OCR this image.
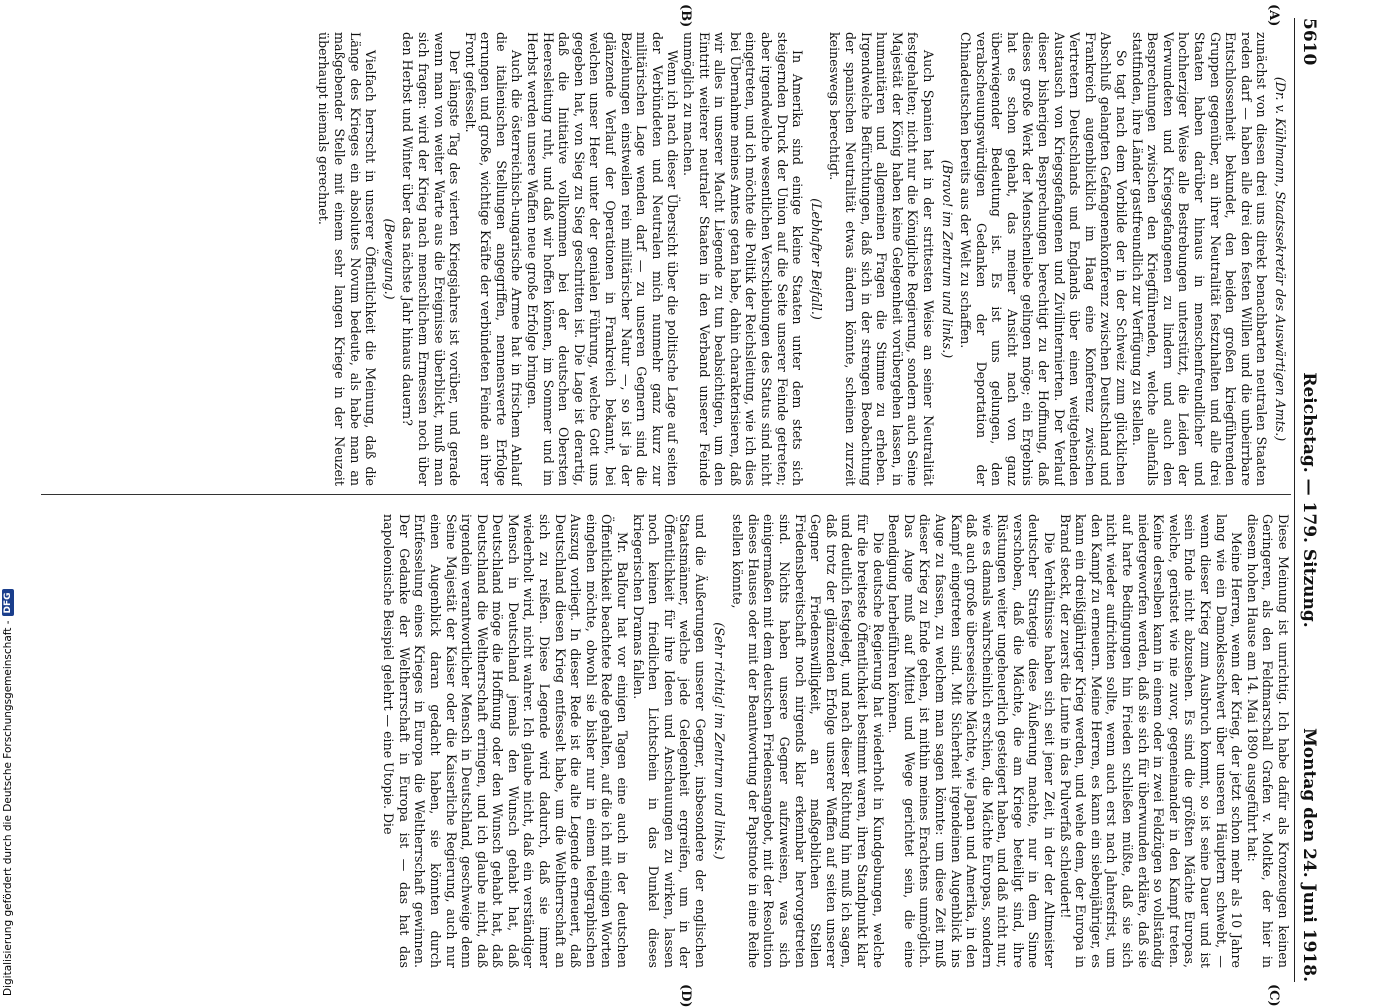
5610
Reichstag. — 179. Sitzung.
Montag den 24. Juni 1918.
(A)
(B)
(C)
(D)

(Dr. v. Kühlmann, Staatssekretär des Auswärtigen Amts.)

zunächst von diesen drei uns direkt benachbarten neutralen Staaten reden darf — haben alle drei den festen Willen und die unbeirrbare Entschlossenheit bekundet, den beiden großen kriegführenden Gruppen gegenüber, an ihrer Neutralität festzuhalten und alle drei Staaten haben darüber hinaus in menschenfreundlicher und hochherziger Weise alle Bestrebungen unterstützt, die Leiden der Verwundeten und Kriegsgefangenen zu lindern und auch den Besprechungen zwischen den Kriegführenden, welche allenfalls stattfinden, ihre Länder gastfreundlich zur Verfügung zu stellen.

So tagt nach dem Vorbilde der in der Schweiz zum glücklichen Abschluß gelangten Gefangenenkonferenz zwischen Deutschland und Frankreich augenblicklich im Haag eine Konferenz zwischen Vertretern Deutschlands und Englands über einen weitgehenden Austausch von Kriegsgefangenen und Zivilinternierten. Der Verlauf dieser bisherigen Besprechungen berechtigt zu der Hoffnung, daß dieses große Werk der Menschenliebe gelingen möge; ein Ergebnis hat es schon gehabt, das meiner Ansicht nach von ganz überwiegender Bedeutung ist. Es ist uns gelungen, den verabscheuungswürdigen Gedanken der Deportation der Chinadeutschen bereits aus der Welt zu schaffen.

(Bravo! im Zentrum und links.)

Auch Spanien hat in der strittesten Weise an seiner Neutralität festgehalten; nicht nur die Königliche Regierung, sondern auch Seine Majestät der König haben keine Gelegenheit vorübergehen lassen, in humanitären und allgemeinen Fragen die Stimme zu erheben. Irgendwelche Befürchtungen, daß sich in der strengen Beobachtung der spanischen Neutralität etwas ändern könnte, scheinen zurzeit keineswegs berechtigt.

(Lebhafter Beifall.)

In Amerika sind einige kleine Staaten unter dem stets sich steigernden Druck der Union auf die Seite unserer Feinde getreten; aber irgendwelche wesentlichen Verschiebungen des Status sind nicht eingetreten, und ich möchte die Politik der Reichsleitung, wie ich dies bei Übernahme meines Amtes getan habe, dahin charakterisieren, daß wir alles in unserer Macht Liegende zu tun beabsichtigen, um den Eintritt weiterer neutraler Staaten in den Verband unserer Feinde unmöglich zu machen.

Wenn ich nach dieser Übersicht über die politische Lage auf seiten der Verbündeten und Neutralen mich nunmehr ganz kurz zur militärischen Lage wenden darf — zu unseren Gegnern sind die Beziehungen einstweilen rein militärischer Natur —, so ist ja der glänzende Verlauf der Operationen in Frankreich bekannt, bei welchen unser Heer unter der genialen Führung, welche Gott uns gegeben hat, von Sieg zu Sieg geschritten ist. Die Lage ist derartig, daß die Initiative vollkommen bei der deutschen Obersten Heeresleitung ruht, und daß wir hoffen können, im Sommer und im Herbst werden unsere Waffen neue große Erfolge bringen.

Auch die österreichisch-ungarische Armee hat in frischem Anlauf die italienischen Stellungen angegriffen, nennenswerte Erfolge errungen und große, wichtige Kräfte der verbündeten Feinde an ihrer Front gefesselt.

Der längste Tag des vierten Kriegsjahres ist vorüber, und gerade wenn man von weiter Warte aus die Ereignisse überblickt, muß man sich fragen: wird der Krieg nach menschlichem Ermessen noch über den Herbst und Winter über das nächste Jahr hinaus dauern?

(Bewegung.)

Vielfach herrscht in unserer Öffentlichkeit die Meinung, daß die Länge des Krieges ein absolutes Novum bedeute, als habe man an maßgebender Stelle mit einem sehr langen Kriege in der Neuzeit überhaupt niemals gerechnet.

Diese Meinung ist unrichtig. Ich habe dafür als Kronzeugen keinen Geringeren, als den Feldmarschall Grafen v. Moltke, der hier in diesem hohen Hause am 14. Mai 1890 ausgeführt hat:

Meine Herren, wenn der Krieg, der jetzt schon mehr als 10 Jahre lang wie ein Damoklesschwert über unseren Häuptern schwebt, — wenn dieser Krieg zum Ausbruch kommt, so ist seine Dauer und ist sein Ende nicht abzusehen. Es sind die größten Mächte Europas, welche, gerüstet wie nie zuvor, gegeneinander in den Kampf treten. Keine derselben kann in einem oder in zwei Feldzügen so vollständig niedergeworfen werden, daß sie sich für überwunden erkläre, daß sie auf harte Bedingungen hin Frieden schließen müßte, daß sie sich nicht wieder aufrichten sollte, wenn auch erst nach Jahresfrist, um den Kampf zu erneuern. Meine Herren, es kann ein siebenjähriger, es kann ein dreißigjähriger Krieg werden, und wehe dem, der Europa in Brand steckt, der zuerst die Lunte in das Pulverfaß schleudert!

Die Verhältnisse haben sich seit jener Zeit, in der der Altmeister deutscher Strategie diese Äußerung machte, nur in dem Sinne verschoben, daß die Mächte, die am Kriege beteiligt sind, ihre Rüstungen weiter ungeheuerlich gesteigert haben, und daß nicht nur, wie es damals wahrscheinlich erschien, die Mächte Europas, sondern daß auch große überseeische Mächte, wie Japan und Amerika, in den Kampf eingetreten sind. Mit Sicherheit irgendeinen Augenblick ins Auge zu fassen, zu welchem man sagen könnte: um diese Zeit muß dieser Krieg zu Ende gehen, ist mithin meines Erachtens unmöglich. Das Auge muß auf Mittel und Wege gerichtet sein, die eine Beendigung herbeiführen können.

Die deutsche Regierung hat wiederholt in Kundgebungen, welche für die breiteste Öffentlichkeit bestimmt waren, ihren Standpunkt klar und deutlich festgelegt, und nach dieser Richtung hin muß ich sagen, daß trotz der glänzenden Erfolge unserer Waffen auf seiten unserer Gegner Friedenswilligkeit, an maßgeblichen Stellen Friedensbereitschaft noch nirgends klar erkennbar hervorgetreten sind. Nichts haben unsere Gegner aufzuweisen, was sich einigermaßen mit dem deutschen Friedensangebot, mit der Resolution dieses Hauses oder mit der Beantwortung der Papstnote in eine Reihe stellen könnte,

(Sehr richtig! im Zentrum und links.)

und die Äußerungen unserer Gegner, insbesondere der englischen Staatsmänner, welche jede Gelegenheit ergreifen, um in der Öffentlichkeit für ihre Ideen und Anschauungen zu wirken, lassen noch keinen friedlichen Lichtschein in das Dunkel dieses kriegerischen Dramas fallen.

Mr. Balfour hat vor einigen Tagen eine auch in der deutschen Öffentlichkeit beachtete Rede gehalten, auf die ich mit einigen Worten eingehen möchte, obwohl sie bisher nur in einem telegraphischen Auszug vorliegt. In dieser Rede ist die alte Legende erneuert, daß Deutschland diesen Krieg entfesselt habe, um die Weltherrschaft an sich zu reißen. Diese Legende wird dadurch, daß sie immer wiederholt wird, nicht wahrer. Ich glaube nicht, daß ein verständiger Mensch in Deutschland jemals den Wunsch gehabt hat, daß Deutschland möge die Hoffnung oder den Wunsch gehabt hat, daß Deutschland die Weltherrschaft erringen, und ich glaube nicht, daß irgendein verantwortlicher Mensch in Deutschland, geschweige denn Seine Majestät der Kaiser oder die Kaiserliche Regierung, auch nur einen Augenblick daran gedacht haben, sie könnten durch Entfesselung eines Krieges in Europa die Weltherrschaft gewinnen. Der Gedanke der Weltherrschaft in Europa ist — das hat das napoleonische Beispiel gelehrt — eine Utopie. Die

Digitalisierung gefördert durch die Deutsche Forschungsgemeinschaft -DFG
